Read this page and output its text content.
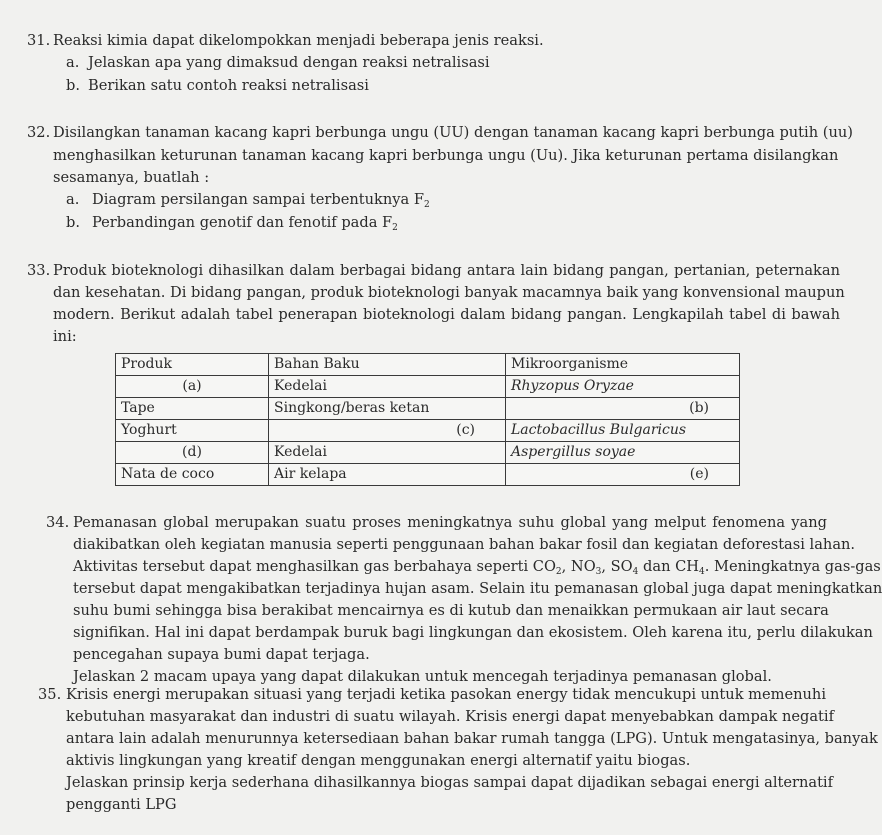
31. Reaksi kimia dapat dikelompokkan menjadi beberapa jenis reaksi.
a. Jelaskan apa yang dimaksud dengan reaksi netralisasi
b. Berikan satu contoh reaksi netralisasi
32. Disilangkan tanaman kacang kapri berbunga ungu (UU) dengan tanaman kacang kapri berbunga putih (uu)
menghasilkan keturunan tanaman kacang kapri berbunga ungu (Uu). Jika keturunan pertama disilangkan
sesamanya, buatlah :
a. Diagram persilangan sampai terbentuknya $F_2$
b. Perbandingan genotif dan fenotif pada $F_2$
33. Produk bioteknologi dihasilkan dalam berbagai bidang antara lain bidang pangan, pertanian, peternakan
dan kesehatan. Di bidang pangan, produk bioteknologi banyak macamnya baik yang konvensional maupun
modern. Berikut adalah tabel penerapan bioteknologi dalam bidang pangan. Lengkapilah tabel di bawah
ini:
Produk	Bahan Baku	Mikroorganisme
(a)	Kedelai	Rhyzopus Oryzae
Tape	Singkong/beras ketan	(b)
Yoghurt	(c)	Lactobacillus Bulgaricus
(d)	Kedelai	Aspergillus soyae
Nata de coco	Air kelapa	(e)
34. Pemanasan global merupakan suatu proses meningkatnya suhu global yang melput fenomena yang
diakibatkan oleh kegiatan manusia seperti penggunaan bahan bakar fosil dan kegiatan deforestasi lahan.
Aktivitas tersebut dapat menghasilkan gas berbahaya seperti $CO_2$, $NO_3$, $SO_4$ dan $CH_4$. Meningkatnya gas-gas
tersebut dapat mengakibatkan terjadinya hujan asam. Selain itu pemanasan global juga dapat meningkatkan
suhu bumi sehingga bisa berakibat mencairnya es di kutub dan menaikkan permukaan air laut secara
signifikan. Hal ini dapat berdampak buruk bagi lingkungan dan ekosistem. Oleh karena itu, perlu dilakukan
pencegahan supaya bumi dapat terjaga.
Jelaskan 2 macam upaya yang dapat dilakukan untuk mencegah terjadinya pemanasan global.
35. Krisis energi merupakan situasi yang terjadi ketika pasokan energy tidak mencukupi untuk memenuhi
kebutuhan masyarakat dan industri di suatu wilayah. Krisis energi dapat menyebabkan dampak negatif
antara lain adalah menurunnya ketersediaan bahan bakar rumah tangga (LPG). Untuk mengatasinya, banyak
aktivis lingkungan yang kreatif dengan menggunakan energi alternatif yaitu biogas.
Jelaskan prinsip kerja sederhana dihasilkannya biogas sampai dapat dijadikan sebagai energi alternatif
pengganti LPG
